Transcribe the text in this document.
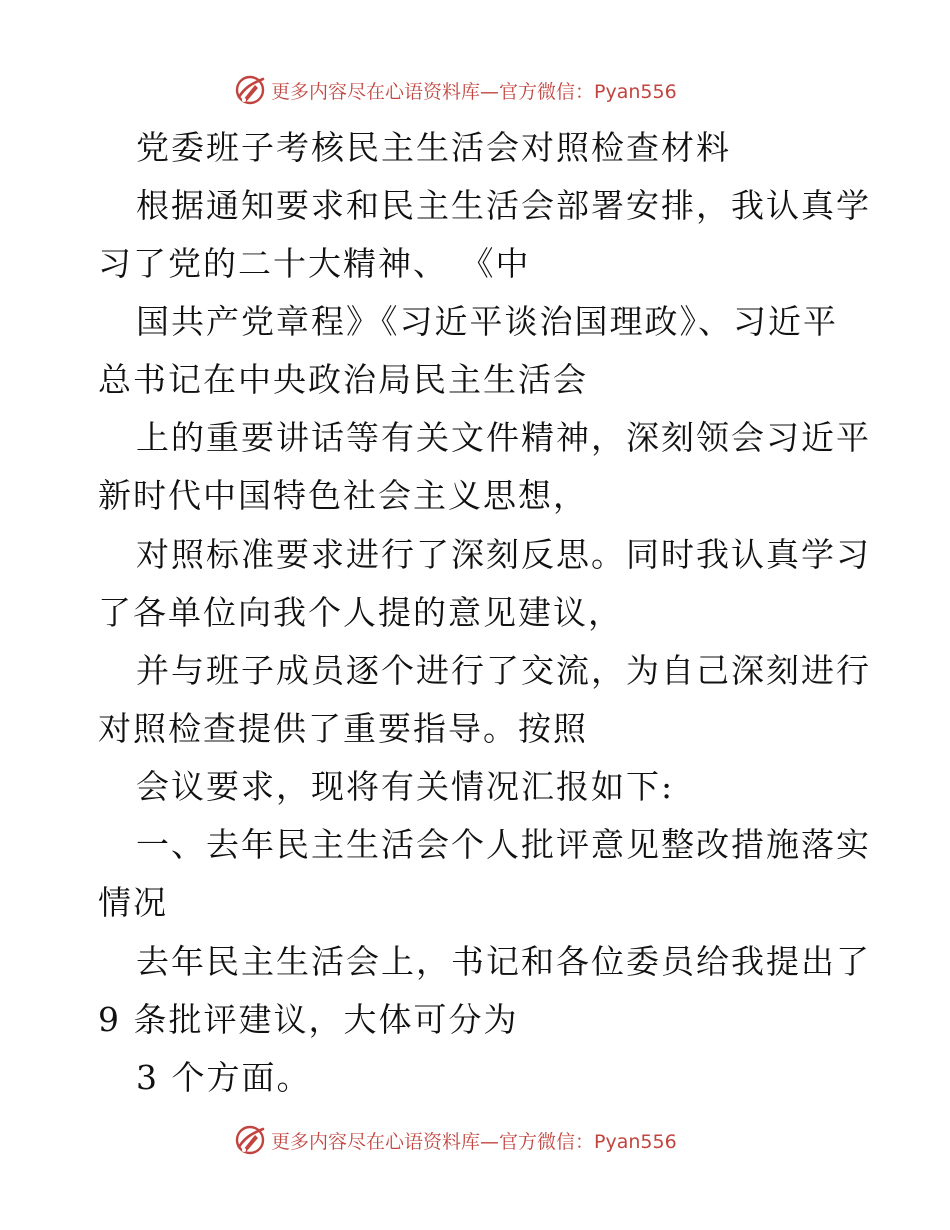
更多内容尽在心语资料库—官方微信：Pyan556
党委班子考核民主生活会对照检查材料
根据通知要求和民主生活会部署安排，我认真学
习了党的二十大精神、 《中
国共产党章程》《习近平谈治国理政》、习近平
总书记在中央政治局民主生活会
上的重要讲话等有关文件精神，深刻领会习近平
新时代中国特色社会主义思想，
对照标准要求进行了深刻反思。同时我认真学习
了各单位向我个人提的意见建议，
并与班子成员逐个进行了交流，为自己深刻进行
对照检查提供了重要指导。按照
会议要求，现将有关情况汇报如下:
一、去年民主生活会个人批评意见整改措施落实
情况
去年民主生活会上，书记和各位委员给我提出了
9 条批评建议，大体可分为
3 个方面。
更多内容尽在心语资料库—官方微信：Pyan556
